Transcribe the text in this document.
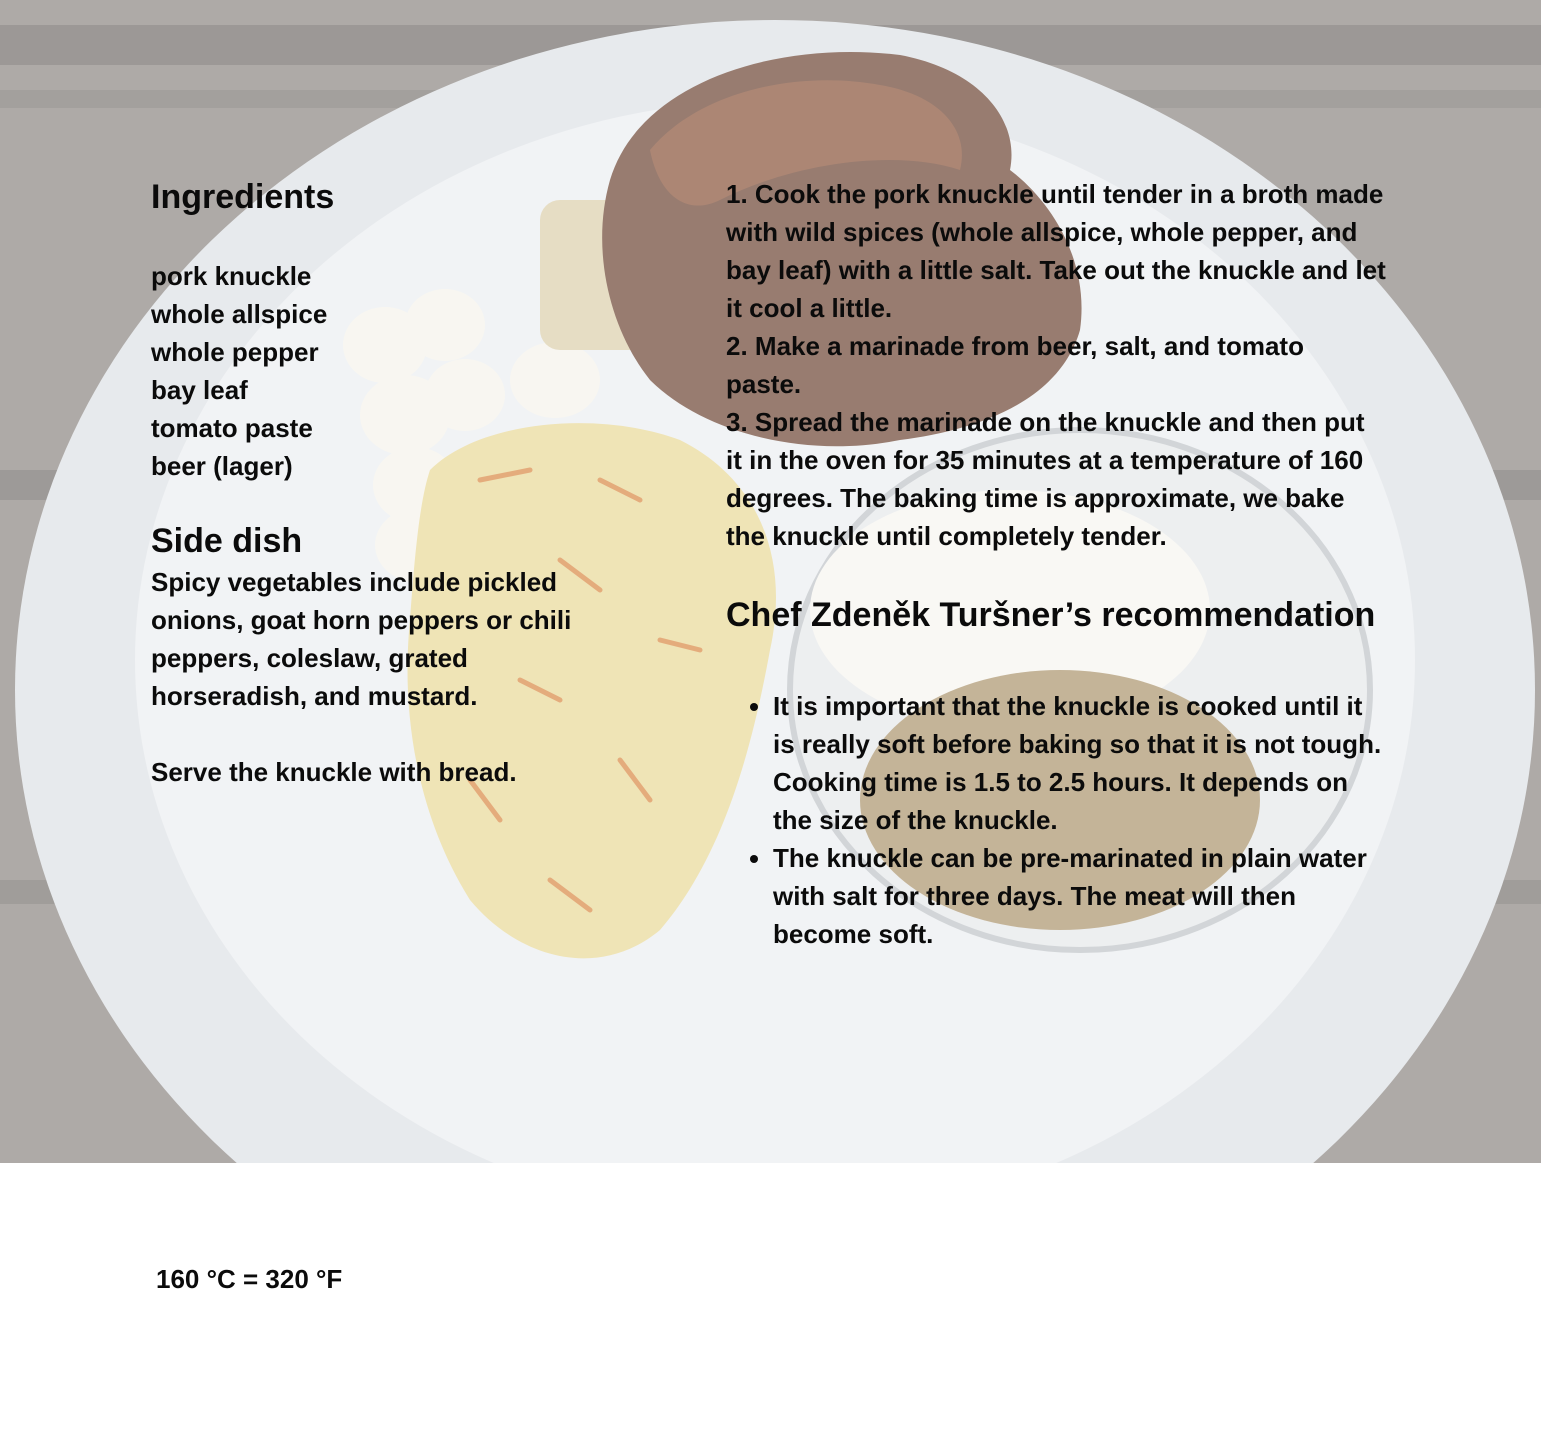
Ingredients
pork knuckle
whole allspice
whole pepper
bay leaf
tomato paste
beer (lager)
Side dish
Spicy vegetables include pickled onions, goat horn peppers or chili peppers, coleslaw, grated horseradish, and mustard.
Serve the knuckle with bread.

1. Cook the pork knuckle until tender in a broth made with wild spices (whole allspice, whole pepper, and bay leaf) with a little salt. Take out the knuckle and let it cool a little.

2. Make a marinade from beer, salt, and tomato paste.

3. Spread the marinade on the knuckle and then put it in the oven for 35 minutes at a temperature of 160 degrees. The baking time is approximate, we bake the knuckle until completely tender.

Chef Zdeněk Turšner’s recommendation
• It is important that the knuckle is cooked until it is really soft before baking so that it is not tough. Cooking time is 1.5 to 2.5 hours. It depends on the size of the knuckle.
• The knuckle can be pre-marinated in plain water with salt for three days. The meat will then become soft.
160 °C = 320 °F
